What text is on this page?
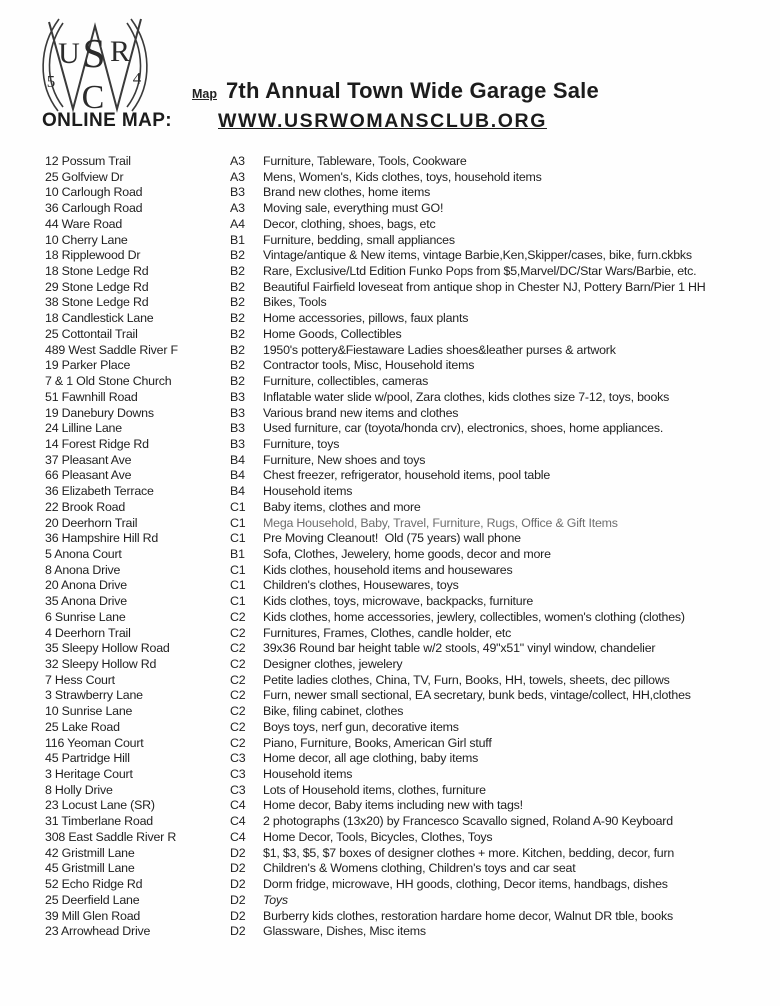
U S R
C
5	4
Map 7th Annual Town Wide Garage Sale
ONLINE MAP: WWW.USRWOMANSCLUB.ORG
12 Possum Trail	A3	Furniture, Tableware, Tools, Cookware
25 Golfview Dr	A3	Mens, Women's, Kids clothes, toys, household items
10 Carlough Road	B3	Brand new clothes, home items
36 Carlough Road	A3	Moving sale, everything must GO!
44 Ware Road	A4	Decor, clothing, shoes, bags, etc
10 Cherry Lane	B1	Furniture, bedding, small appliances
18 Ripplewood Dr	B2	Vintage/antique & New items, vintage Barbie,Ken,Skipper/cases, bike, furn.ckbks
18 Stone Ledge Rd	B2	Rare, Exclusive/Ltd Edition Funko Pops from $5,Marvel/DC/Star Wars/Barbie, etc.
29 Stone Ledge Rd	B2	Beautiful Fairfield loveseat from antique shop in Chester NJ, Pottery Barn/Pier 1 HH
38 Stone Ledge Rd	B2	Bikes, Tools
18 Candlestick Lane	B2	Home accessories, pillows, faux plants
25 Cottontail Trail	B2	Home Goods, Collectibles
489 West Saddle River F	B2	1950's pottery&Fiestaware Ladies shoes&leather purses & artwork
19 Parker Place	B2	Contractor tools, Misc, Household items
7 & 1 Old Stone Church	B2	Furniture, collectibles, cameras
51 Fawnhill Road	B3	Inflatable water slide w/pool, Zara clothes, kids clothes size 7-12, toys, books
19 Danebury Downs	B3	Various brand new items and clothes
24 Lilline Lane	B3	Used furniture, car (toyota/honda crv), electronics, shoes, home appliances.
14 Forest Ridge Rd	B3	Furniture, toys
37 Pleasant Ave	B4	Furniture, New shoes and toys
66 Pleasant Ave	B4	Chest freezer, refrigerator, household items, pool table
36 Elizabeth Terrace	B4	Household items
22 Brook Road	C1	Baby items, clothes and more
20 Deerhorn Trail	C1	Mega Household, Baby, Travel, Furniture, Rugs, Office & Gift Items
36 Hampshire Hill Rd	C1	Pre Moving Cleanout!  Old (75 years) wall phone
5 Anona Court	B1	Sofa, Clothes, Jewelery, home goods, decor and more
8 Anona Drive	C1	Kids clothes, household items and housewares
20 Anona Drive	C1	Children's clothes, Housewares, toys
35 Anona Drive	C1	Kids clothes, toys, microwave, backpacks, furniture
6 Sunrise Lane	C2	Kids clothes, home accessories, jewlery, collectibles, women's clothing (clothes)
4 Deerhorn Trail	C2	Furnitures, Frames, Clothes, candle holder, etc
35 Sleepy Hollow Road	C2	39x36 Round bar height table w/2 stools, 49"x51" vinyl window, chandelier
32 Sleepy Hollow Rd	C2	Designer clothes, jewelery
7 Hess Court	C2	Petite ladies clothes, China, TV, Furn, Books, HH, towels, sheets, dec pillows
3 Strawberry Lane	C2	Furn, newer small sectional, EA secretary, bunk beds, vintage/collect, HH,clothes
10 Sunrise Lane	C2	Bike, filing cabinet, clothes
25 Lake Road	C2	Boys toys, nerf gun, decorative items
116 Yeoman Court	C2	Piano, Furniture, Books, American Girl stuff
45 Partridge Hill	C3	Home decor, all age clothing, baby items
3 Heritage Court	C3	Household items
8 Holly Drive	C3	Lots of Household items, clothes, furniture
23 Locust Lane (SR)	C4	Home decor, Baby items including new with tags!
31 Timberlane Road	C4	2 photographs (13x20) by Francesco Scavallo signed, Roland A-90 Keyboard
308 East Saddle River R	C4	Home Decor, Tools, Bicycles, Clothes, Toys
42 Gristmill Lane	D2	$1, $3, $5, $7 boxes of designer clothes + more. Kitchen, bedding, decor, furn
45 Gristmill Lane	D2	Children's & Womens clothing, Children's toys and car seat
52 Echo Ridge Rd	D2	Dorm fridge, microwave, HH goods, clothing, Decor items, handbags, dishes
25 Deerfield Lane	D2	Toys
39 Mill Glen Road	D2	Burberry kids clothes, restoration hardare home decor, Walnut DR tble, books
23 Arrowhead Drive	D2	Glassware, Dishes, Misc items
